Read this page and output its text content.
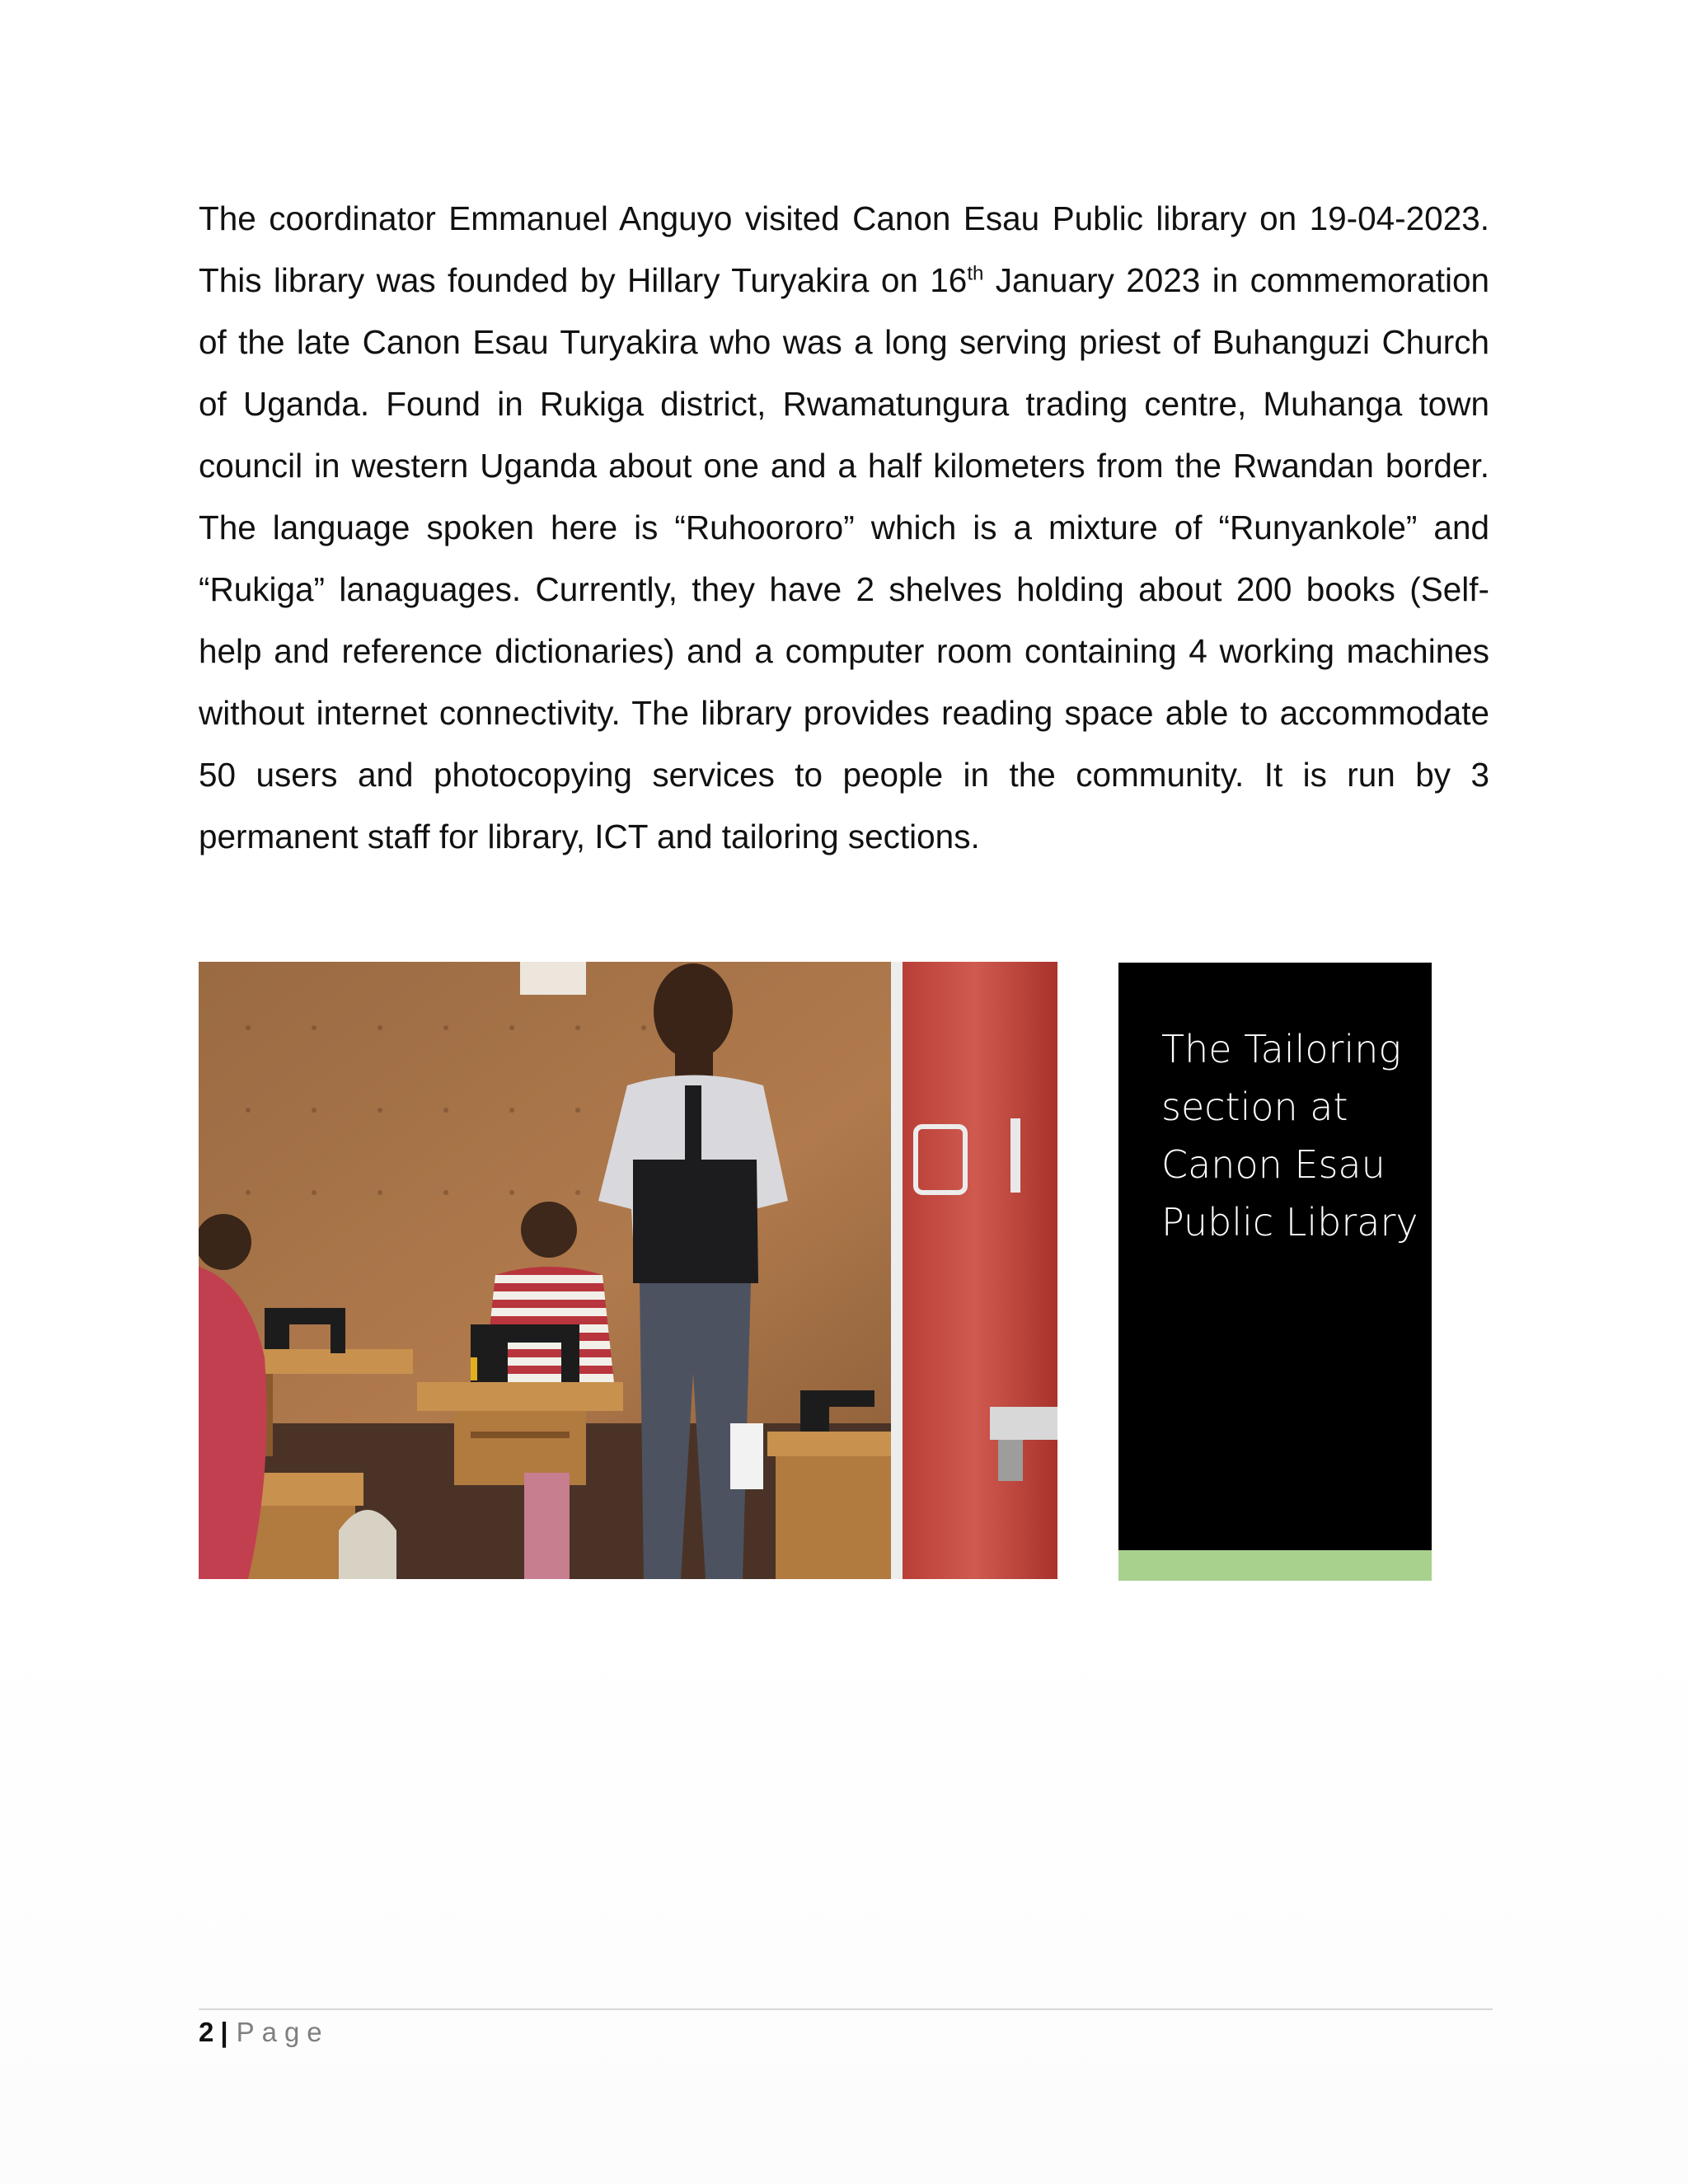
The coordinator Emmanuel Anguyo visited Canon Esau Public library on 19-04-2023. This library was founded by Hillary Turyakira on 16th January 2023 in commemoration of the late Canon Esau Turyakira who was a long serving priest of Buhanguzi Church of Uganda. Found in Rukiga district, Rwamatungura trading centre, Muhanga town council in western Uganda about one and a half kilometers from the Rwandan border. The language spoken here is “Ruhoororo” which is a mixture of “Runyankole” and “Rukiga” lanaguages. Currently, they have 2 shelves holding about 200 books (Self-help and reference dictionaries) and a computer room containing 4 working machines without internet connectivity. The library provides reading space able to accommodate 50 users and photocopying services to people in the community. It is run by 3 permanent staff for library, ICT and tailoring sections.

The Tailoring section at Canon Esau Public Library
2 | Page
